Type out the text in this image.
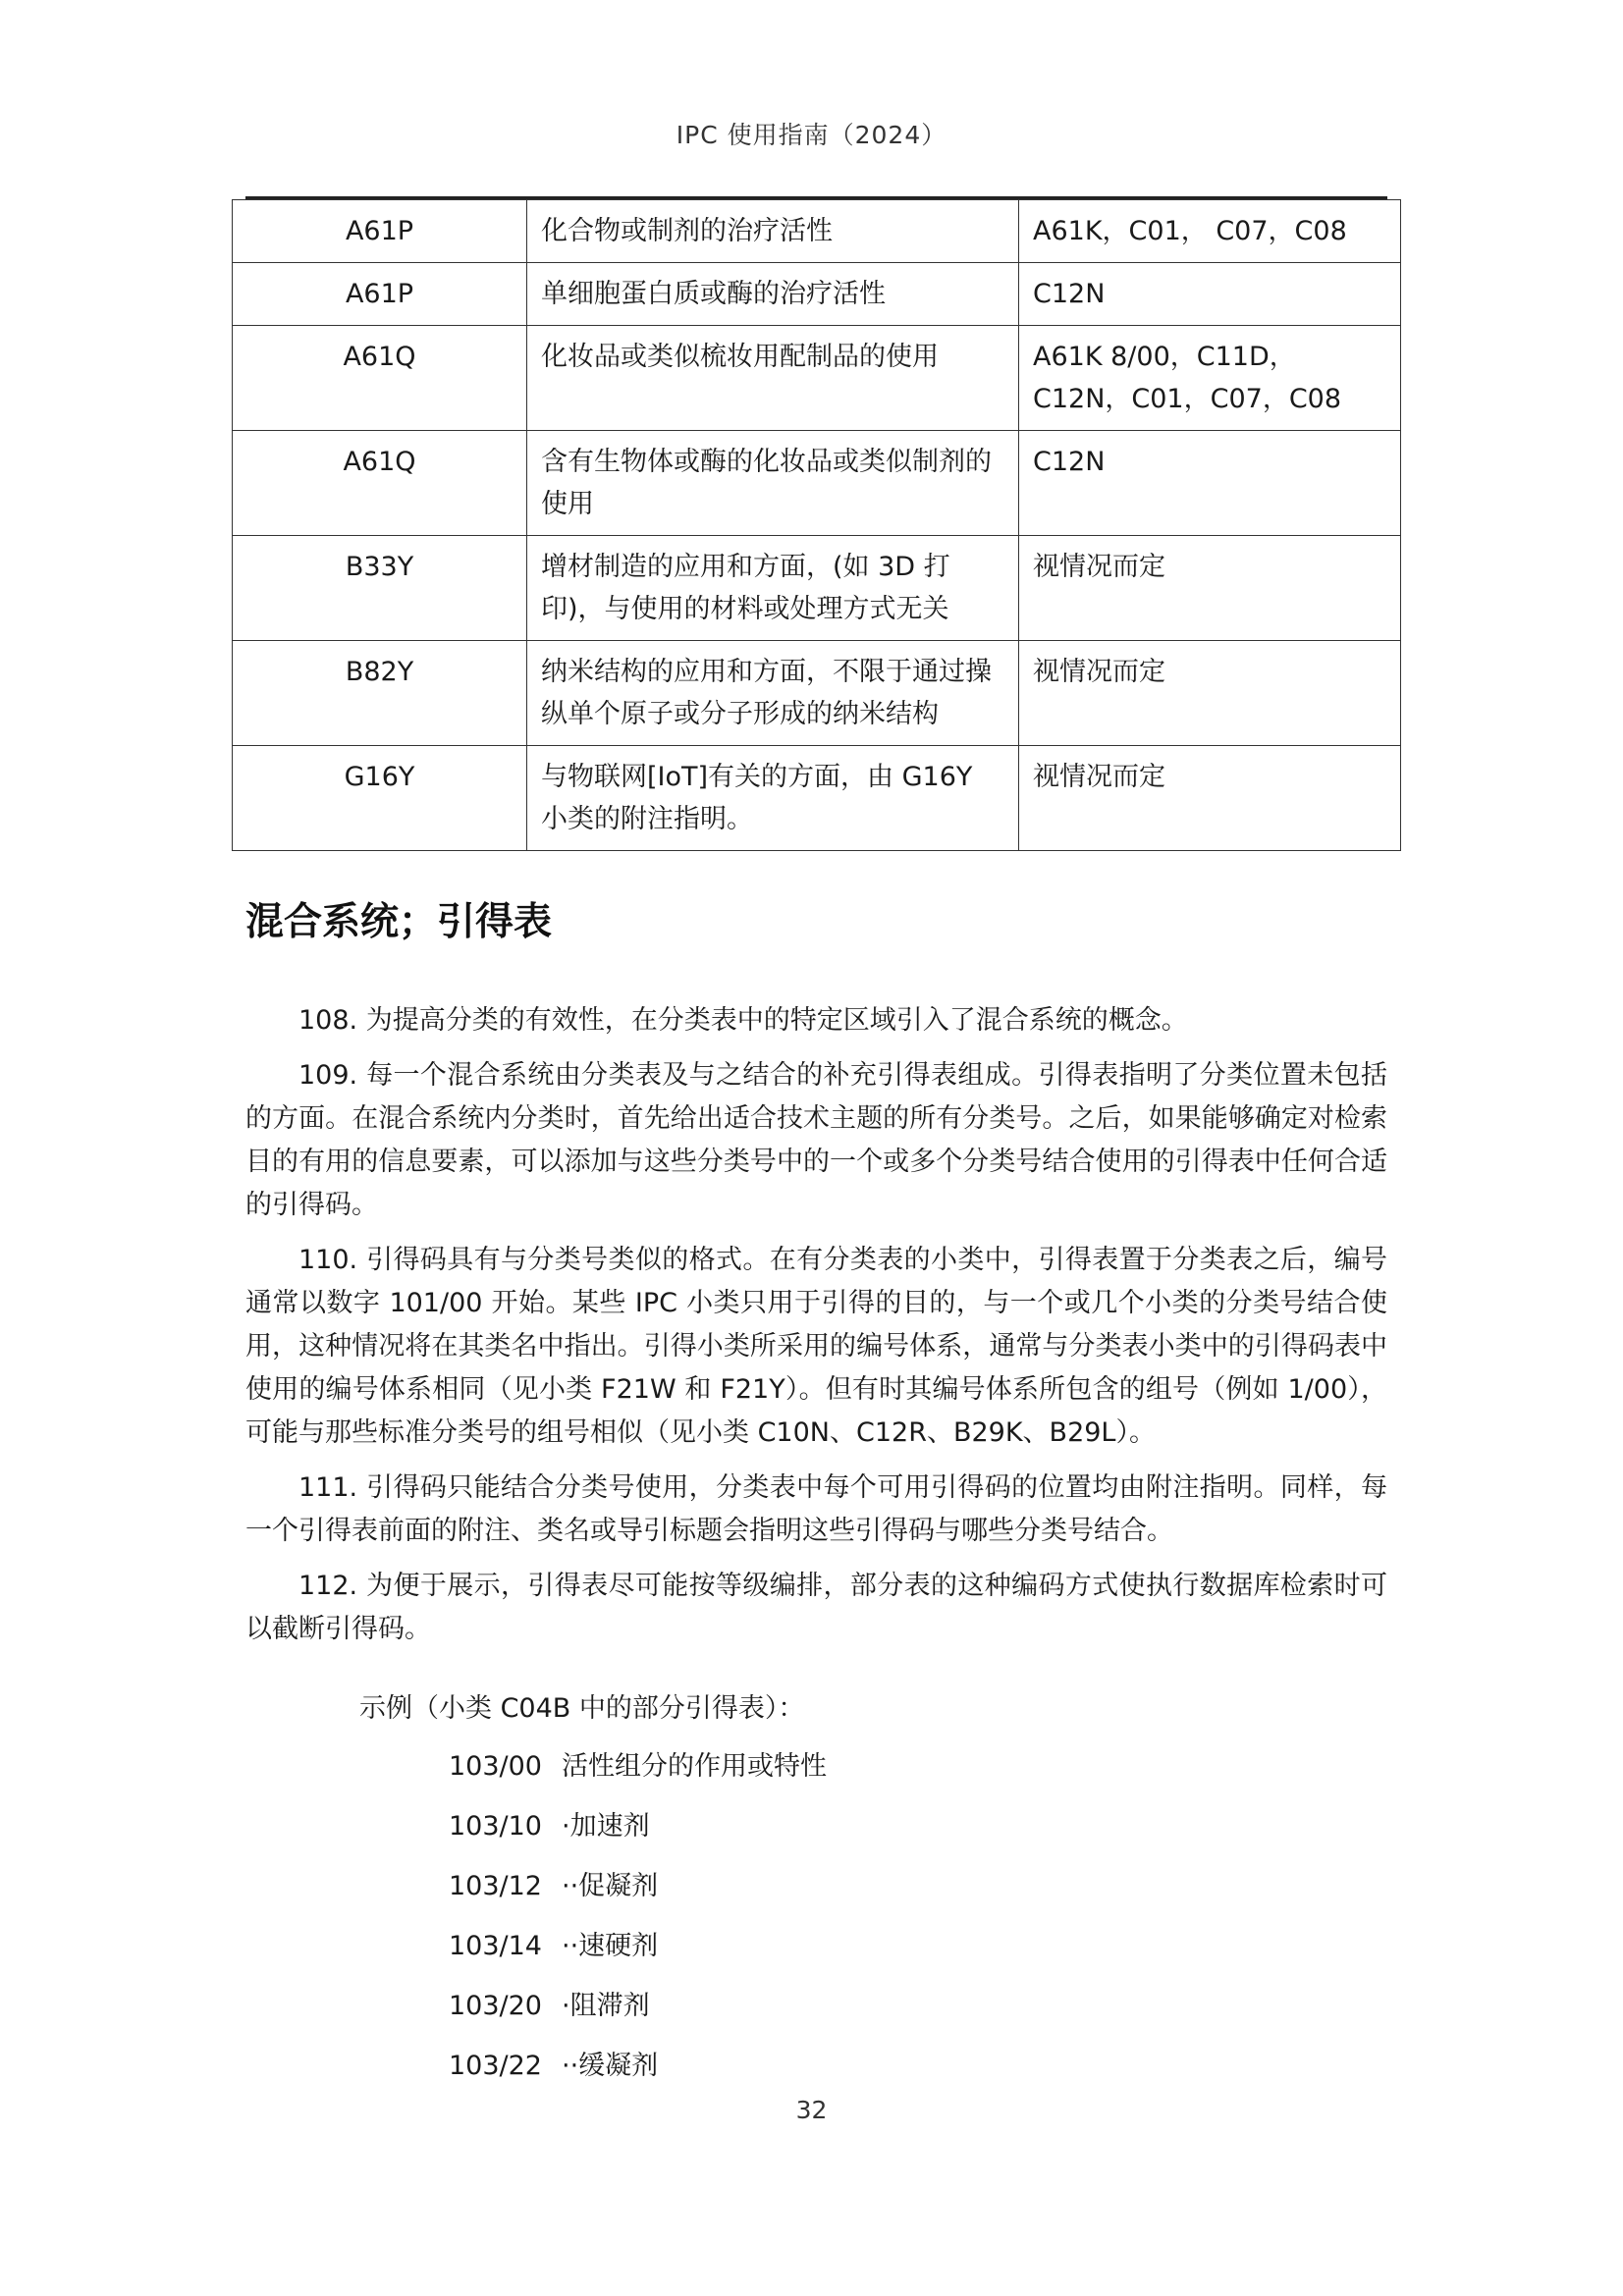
IPC 使用指南（2024）
A61P	化合物或制剂的治疗活性	A61K，C01， C07，C08
A61P	单细胞蛋白质或酶的治疗活性	C12N
A61Q	化妆品或类似梳妆用配制品的使用	A61K 8/00，C11D，C12N，C01，C07，C08
A61Q	含有生物体或酶的化妆品或类似制剂的使用	C12N
B33Y	增材制造的应用和方面，(如 3D 打印)，与使用的材料或处理方式无关	视情况而定
B82Y	纳米结构的应用和方面，不限于通过操纵单个原子或分子形成的纳米结构	视情况而定
G16Y	与物联网[IoT]有关的方面，由 G16Y 小类的附注指明。	视情况而定
混合系统；引得表

108. 为提高分类的有效性，在分类表中的特定区域引入了混合系统的概念。

109. 每一个混合系统由分类表及与之结合的补充引得表组成。引得表指明了分类位置未包括的方面。在混合系统内分类时，首先给出适合技术主题的所有分类号。之后，如果能够确定对检索目的有用的信息要素，可以添加与这些分类号中的一个或多个分类号结合使用的引得表中任何合适的引得码。

110. 引得码具有与分类号类似的格式。在有分类表的小类中，引得表置于分类表之后，编号通常以数字 101/00 开始。某些 IPC 小类只用于引得的目的，与一个或几个小类的分类号结合使用，这种情况将在其类名中指出。引得小类所采用的编号体系，通常与分类表小类中的引得码表中使用的编号体系相同（见小类 F21W 和 F21Y）。但有时其编号体系所包含的组号（例如 1/00），可能与那些标准分类号的组号相似（见小类 C10N、C12R、B29K、B29L）。

111. 引得码只能结合分类号使用，分类表中每个可用引得码的位置均由附注指明。同样，每一个引得表前面的附注、类名或导引标题会指明这些引得码与哪些分类号结合。

112. 为便于展示，引得表尽可能按等级编排，部分表的这种编码方式使执行数据库检索时可以截断引得码。

示例（小类 C04B 中的部分引得表）：
103/00 活性组分的作用或特性
103/10 ·加速剂
103/12 ··促凝剂
103/14 ··速硬剂
103/20 ·阻滞剂
103/22 ··缓凝剂
32
